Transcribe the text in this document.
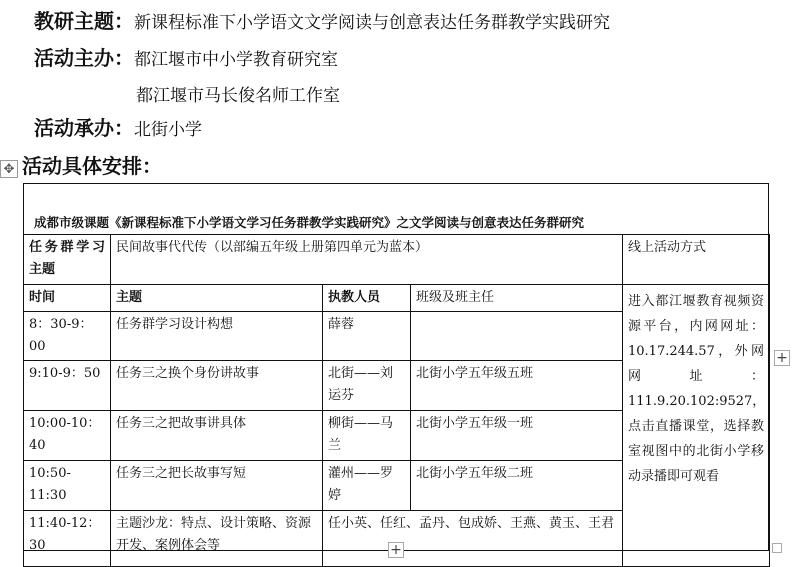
教研主题：新课程标准下小学语文文学阅读与创意表达任务群教学实践研究
活动主办：都江堰市中小学教育研究室
都江堰市马长俊名师工作室
活动承办：北街小学
✥ 活动具体安排：
成都市级课题《新课程标准下小学语文学习任务群教学实践研究》之文学阅读与创意表达任务群研究
任务群学习主题	民间故事代代传（以部编五年级上册第四单元为蓝本）			线上活动方式
时间	主题	执教人员	班级及班主任	进入都江堰教育视频资源平台，内网网址：10.17.244.57，外网网址：111.9.20.102:9527，点击直播课堂，选择教室视图中的北街小学移动录播即可观看
8：30-9：00	任务群学习设计构想	薛蓉		
9:10-9：50	任务三之换个身份讲故事	北街——刘运芬	北街小学五年级五班	
10:00-10：40	任务三之把故事讲具体	柳街——马兰	北街小学五年级一班	
10:50-11:30	任务三之把长故事写短	灌州——罗婷	北街小学五年级二班	
11:40-12：30	主题沙龙：特点、设计策略、资源开发、案例体会等	任小英、任红、孟丹、包成娇、王燕、黄玉、王君		
+
+
